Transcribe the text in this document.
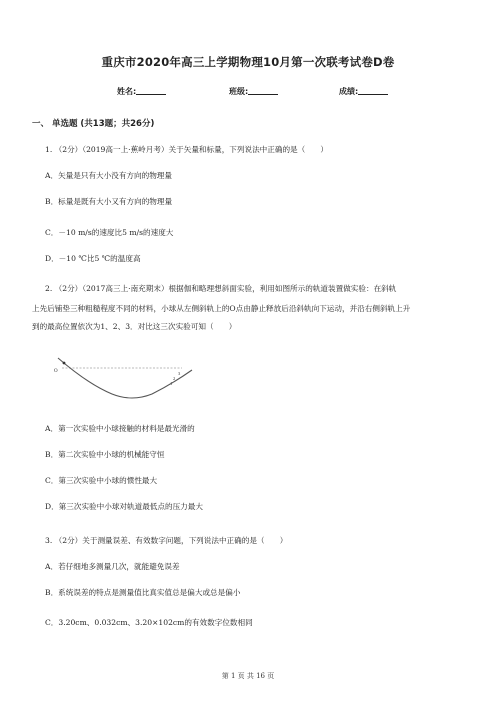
重庆市2020年高三上学期物理10月第一次联考试卷D卷
姓名:	班级:	成绩:
一、 单选题 (共13题；共26分)
1. （2分）（2019高一上·蕉岭月考）关于矢量和标量，下列说法中正确的是（　　）
A．矢量是只有大小没有方向的物理量
B．标量是既有大小又有方向的物理量
C．－10 m/s的速度比5 m/s的速度大
D．－10 ℃比5 ℃的温度高
2. （2分）（2017高三上·南充期末）根据伽和略理想斜面实验，利用如图所示的轨道装置做实验：在斜轨
上先后铺垫三种粗糙程度不同的材料，小球从左侧斜轨上的O点由静止释放后沿斜轨向下运动，并沿右侧斜轨上升
到的最高位置依次为1、2、3．对比这三次实验可知（　　）
O	3
2
1
A．第一次实验中小球接触的材料是最光滑的
B．第二次实验中小球的机械能守恒
C．第三次实验中小球的惯性最大
D．第三次实验中小球对轨道最低点的压力最大
3. （2分）关于测量误差、有效数字问题，下列说法中正确的是（　　）
A．若仔细地多测量几次，就能避免误差
B．系统误差的特点是测量值比真实值总是偏大或总是偏小
C．3.20cm、0.032cm、3.20×102cm的有效数字位数相同
第 1 页 共 16 页
